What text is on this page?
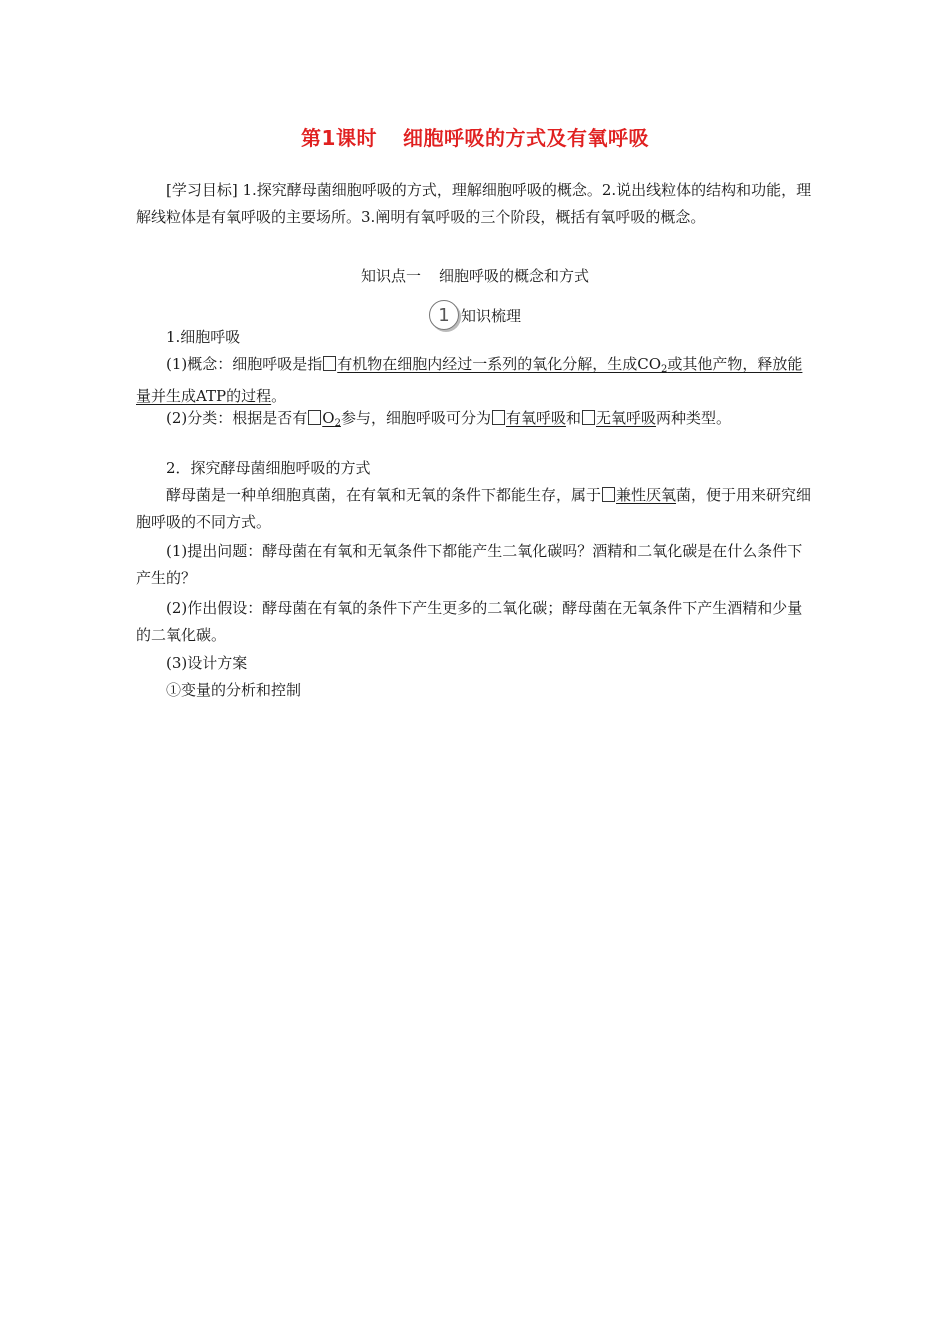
第1课时 细胞呼吸的方式及有氧呼吸
[学习目标] 1.探究酵母菌细胞呼吸的方式，理解细胞呼吸的概念。2.说出线粒体的结构和功能，理解线粒体是有氧呼吸的主要场所。3.阐明有氧呼吸的三个阶段，概括有氧呼吸的概念。
知识点一 细胞呼吸的概念和方式
1 知识梳理
1.细胞呼吸
(1)概念：细胞呼吸是指 有机物在细胞内经过一系列的氧化分解，生成$CO_2$或其他产物，释放能量并生成ATP的过程。
(2)分类：根据是否有 $O_2$参与，细胞呼吸可分为 有氧呼吸和 无氧呼吸两种类型。
2．探究酵母菌细胞呼吸的方式
酵母菌是一种单细胞真菌，在有氧和无氧的条件下都能生存，属于 兼性厌氧菌，便于用来研究细胞呼吸的不同方式。
(1)提出问题：酵母菌在有氧和无氧条件下都能产生二氧化碳吗？酒精和二氧化碳是在什么条件下产生的？
(2)作出假设：酵母菌在有氧的条件下产生更多的二氧化碳；酵母菌在无氧条件下产生酒精和少量的二氧化碳。
(3)设计方案
①变量的分析和控制
